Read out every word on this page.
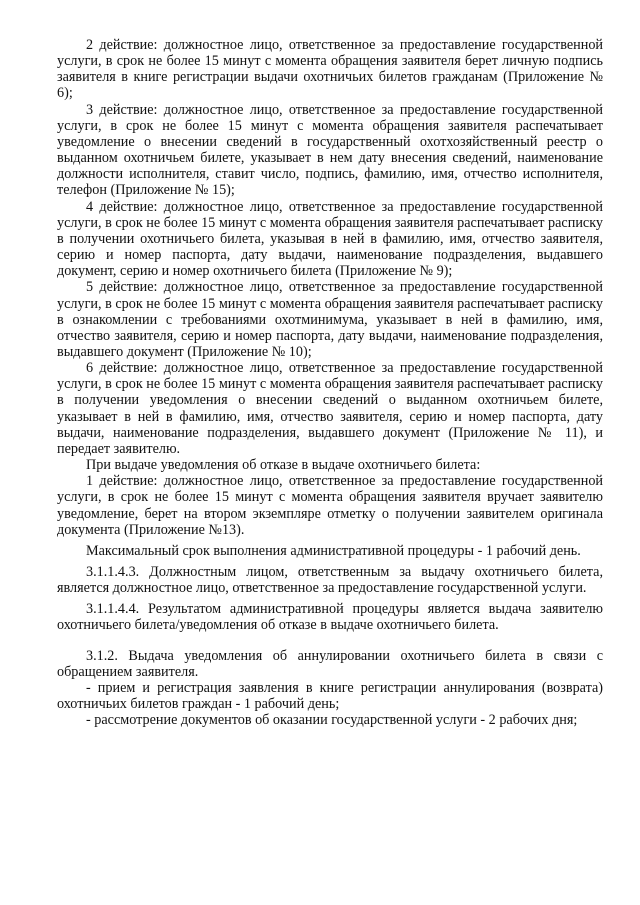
2 действие: должностное лицо, ответственное за предоставление государственной услуги, в срок не более 15 минут с момента обращения заявителя берет личную подпись заявителя в книге регистрации выдачи охотничьих билетов гражданам (Приложение № 6);

3 действие: должностное лицо, ответственное за предоставление государственной услуги, в срок не более 15 минут с момента обращения заявителя распечатывает уведомление о внесении сведений в государственный охотхозяйственный реестр о выданном охотничьем билете, указывает в нем дату внесения сведений, наименование должности исполнителя, ставит число, подпись, фамилию, имя, отчество исполнителя, телефон (Приложение № 15);

4 действие: должностное лицо, ответственное за предоставление государственной услуги, в срок не более 15 минут с момента обращения заявителя распечатывает расписку в получении охотничьего билета, указывая в ней в фамилию, имя, отчество заявителя, серию и номер паспорта, дату выдачи, наименование подразделения, выдавшего документ, серию и номер охотничьего билета (Приложение № 9);

5 действие: должностное лицо, ответственное за предоставление государственной услуги, в срок не более 15 минут с момента обращения заявителя распечатывает расписку в ознакомлении с требованиями охотминимума, указывает в ней в фамилию, имя, отчество заявителя, серию и номер паспорта, дату выдачи, наименование подразделения, выдавшего документ (Приложение № 10);

6 действие: должностное лицо, ответственное за предоставление государственной услуги, в срок не более 15 минут с момента обращения заявителя распечатывает расписку в получении уведомления о внесении сведений о выданном охотничьем билете, указывает в ней в фамилию, имя, отчество заявителя, серию и номер паспорта, дату выдачи, наименование подразделения, выдавшего документ (Приложение № 11), и передает заявителю.

При выдаче уведомления об отказе в выдаче охотничьего билета:

1 действие: должностное лицо, ответственное за предоставление государственной услуги, в срок не более 15 минут с момента обращения заявителя вручает заявителю уведомление, берет на втором экземпляре отметку о получении заявителем оригинала документа (Приложение №13).

Максимальный срок выполнения административной процедуры - 1 рабочий день.

3.1.1.4.3. Должностным лицом, ответственным за выдачу охотничьего билета, является должностное лицо, ответственное за предоставление государственной услуги.

3.1.1.4.4. Результатом административной процедуры является выдача заявителю охотничьего билета/уведомления об отказе в выдаче охотничьего билета.

3.1.2. Выдача уведомления об аннулировании охотничьего билета в связи с обращением заявителя.

- прием и регистрация заявления в книге регистрации аннулирования (возврата) охотничьих билетов граждан - 1 рабочий день;

- рассмотрение документов об оказании государственной услуги - 2 рабочих дня;
